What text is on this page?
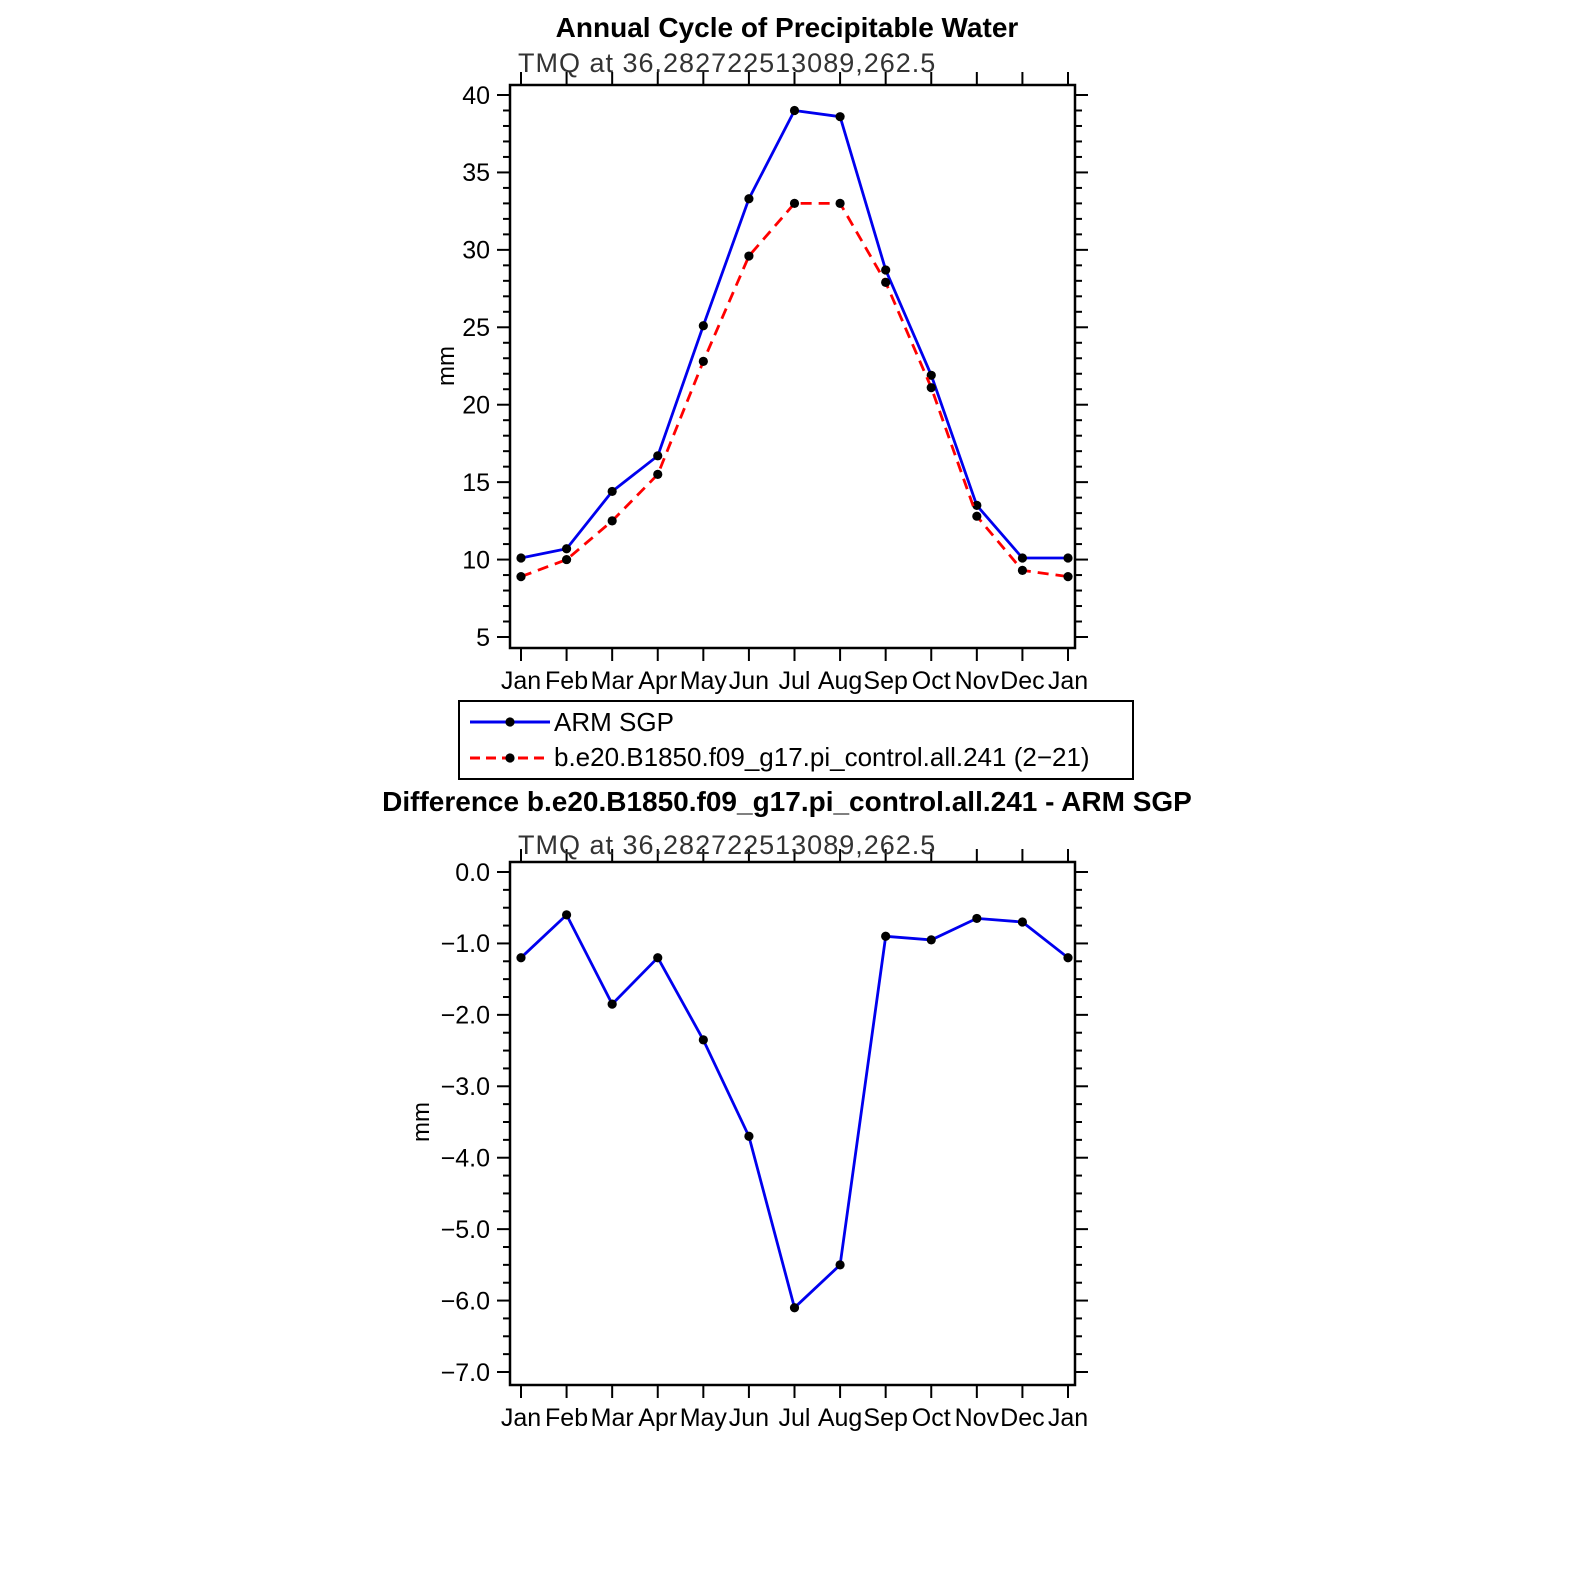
Jan Feb Mar Apr May Jun Jul Aug Sep Oct Nov Dec Jan
40
35
30
25
20
15
10
5
Jan Feb Mar Apr May Jun Jul Aug Sep Oct Nov Dec Jan
0.0
−1.0
−2.0
−3.0
−4.0
−5.0
−6.0
−7.0
Annual Cycle of Precipitable Water
TMQ at 36.282722513089,262.5
mm
ARM SGP
b.e20.B1850.f09_g17.pi_control.all.241 (2−21)
Difference b.e20.B1850.f09_g17.pi_control.all.241 - ARM SGP
TMQ at 36.282722513089,262.5
mm
